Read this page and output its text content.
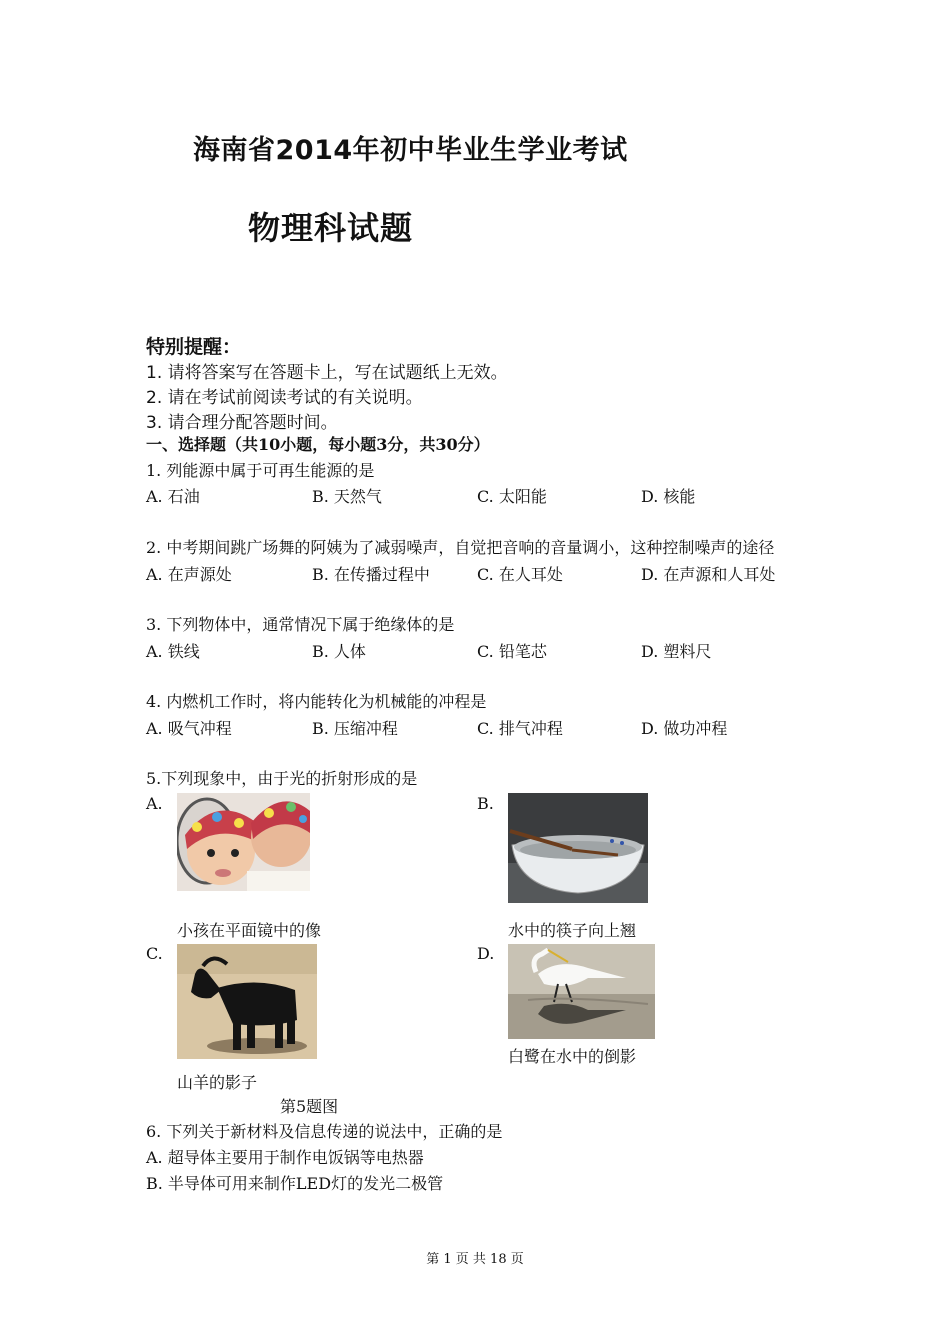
海南省2014年初中毕业生学业考试
物理科试题
特别提醒：
1. 请将答案写在答题卡上，写在试题纸上无效。
2. 请在考试前阅读考试的有关说明。
3. 请合理分配答题时间。
一、选择题（共10小题，每小题3分，共30分）
1. 列能源中属于可再生能源的是
A. 石油	B. 天然气	C. 太阳能	D. 核能
2. 中考期间跳广场舞的阿姨为了减弱噪声，自觉把音响的音量调小，这种控制噪声的途径
A. 在声源处	B. 在传播过程中	C. 在人耳处	D. 在声源和人耳处
3. 下列物体中，通常情况下属于绝缘体的是
A. 铁线	B. 人体	C. 铅笔芯	D. 塑料尺
4. 内燃机工作时，将内能转化为机械能的冲程是
A. 吸气冲程	B. 压缩冲程	C. 排气冲程	D. 做功冲程
5.下列现象中，由于光的折射形成的是
A.
小孩在平面镜中的像
B.
水中的筷子向上翘
C.
山羊的影子
D.
白鹭在水中的倒影
第5题图
6. 下列关于新材料及信息传递的说法中，正确的是
A. 超导体主要用于制作电饭锅等电热器
B. 半导体可用来制作LED灯的发光二极管
第 1 页 共 18 页
